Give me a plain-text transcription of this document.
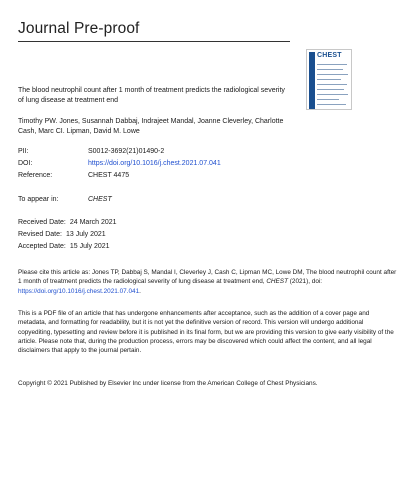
Journal Pre-proof
CHEST
The blood neutrophil count after 1 month of treatment predicts the radiological severity of lung disease at treatment end
Timothy PW. Jones, Susannah Dabbaj, Indrajeet Mandal, Joanne Cleverley, Charlotte Cash, Marc CI. Lipman, David M. Lowe
PII:	S0012-3692(21)01490-2
DOI:	https://doi.org/10.1016/j.chest.2021.07.041
Reference:	CHEST 4475
To appear in:	CHEST
Received Date: 24 March 2021
Revised Date: 13 July 2021
Accepted Date: 15 July 2021
Please cite this article as: Jones TP, Dabbaj S, Mandal I, Cleverley J, Cash C, Lipman MC, Lowe DM, The blood neutrophil count after 1 month of treatment predicts the radiological severity of lung disease at treatment end, CHEST (2021), doi: https://doi.org/10.1016/j.chest.2021.07.041.
This is a PDF file of an article that has undergone enhancements after acceptance, such as the addition of a cover page and metadata, and formatting for readability, but it is not yet the definitive version of record. This version will undergo additional copyediting, typesetting and review before it is published in its final form, but we are providing this version to give early visibility of the article. Please note that, during the production process, errors may be discovered which could affect the content, and all legal disclaimers that apply to the journal pertain.
Copyright © 2021 Published by Elsevier Inc under license from the American College of Chest Physicians.
